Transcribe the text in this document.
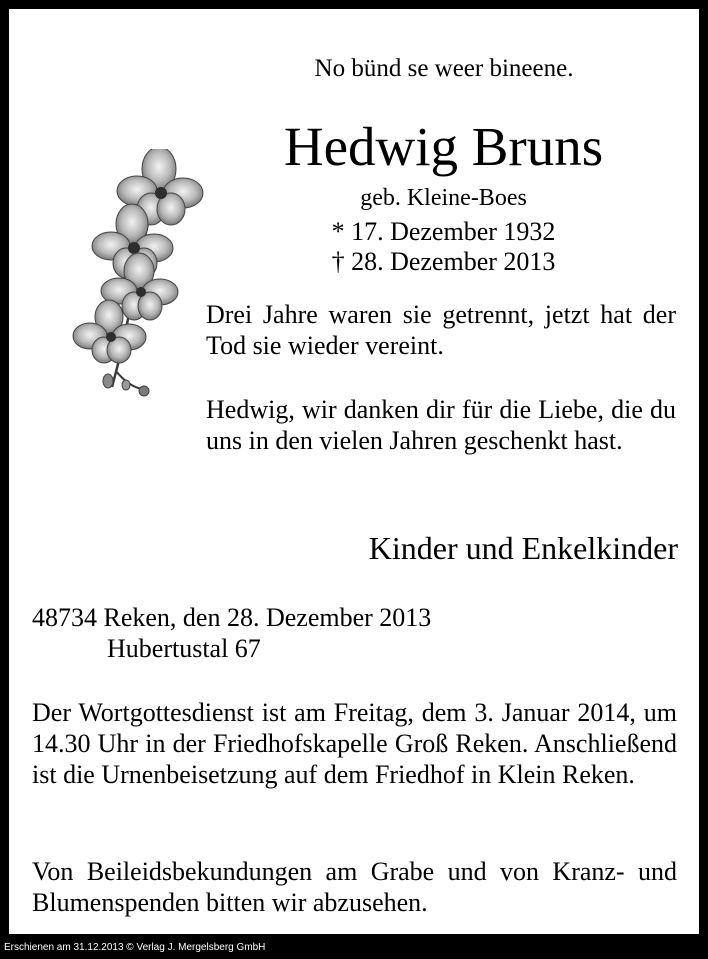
No bünd se weer bineene.
Hedwig Bruns
geb. Kleine-Boes
* 17. Dezember 1932
† 28. Dezember 2013
Drei Jahre waren sie getrennt, jetzt hat der Tod sie wieder vereint.
Hedwig, wir danken dir für die Liebe, die du uns in den vielen Jahren geschenkt hast.
Kinder und Enkelkinder
48734 Reken, den 28. Dezember 2013
Hubertustal 67
Der Wortgottesdienst ist am Freitag, dem 3. Januar 2014, um 14.30 Uhr in der Friedhofskapelle Groß Reken. Anschließend ist die Urnenbeisetzung auf dem Friedhof in Klein Reken.
Von Beileidsbekundungen am Grabe und von Kranz- und Blumenspenden bitten wir abzusehen.
Erschienen am 31.12.2013 © Verlag J. Mergelsberg GmbH
